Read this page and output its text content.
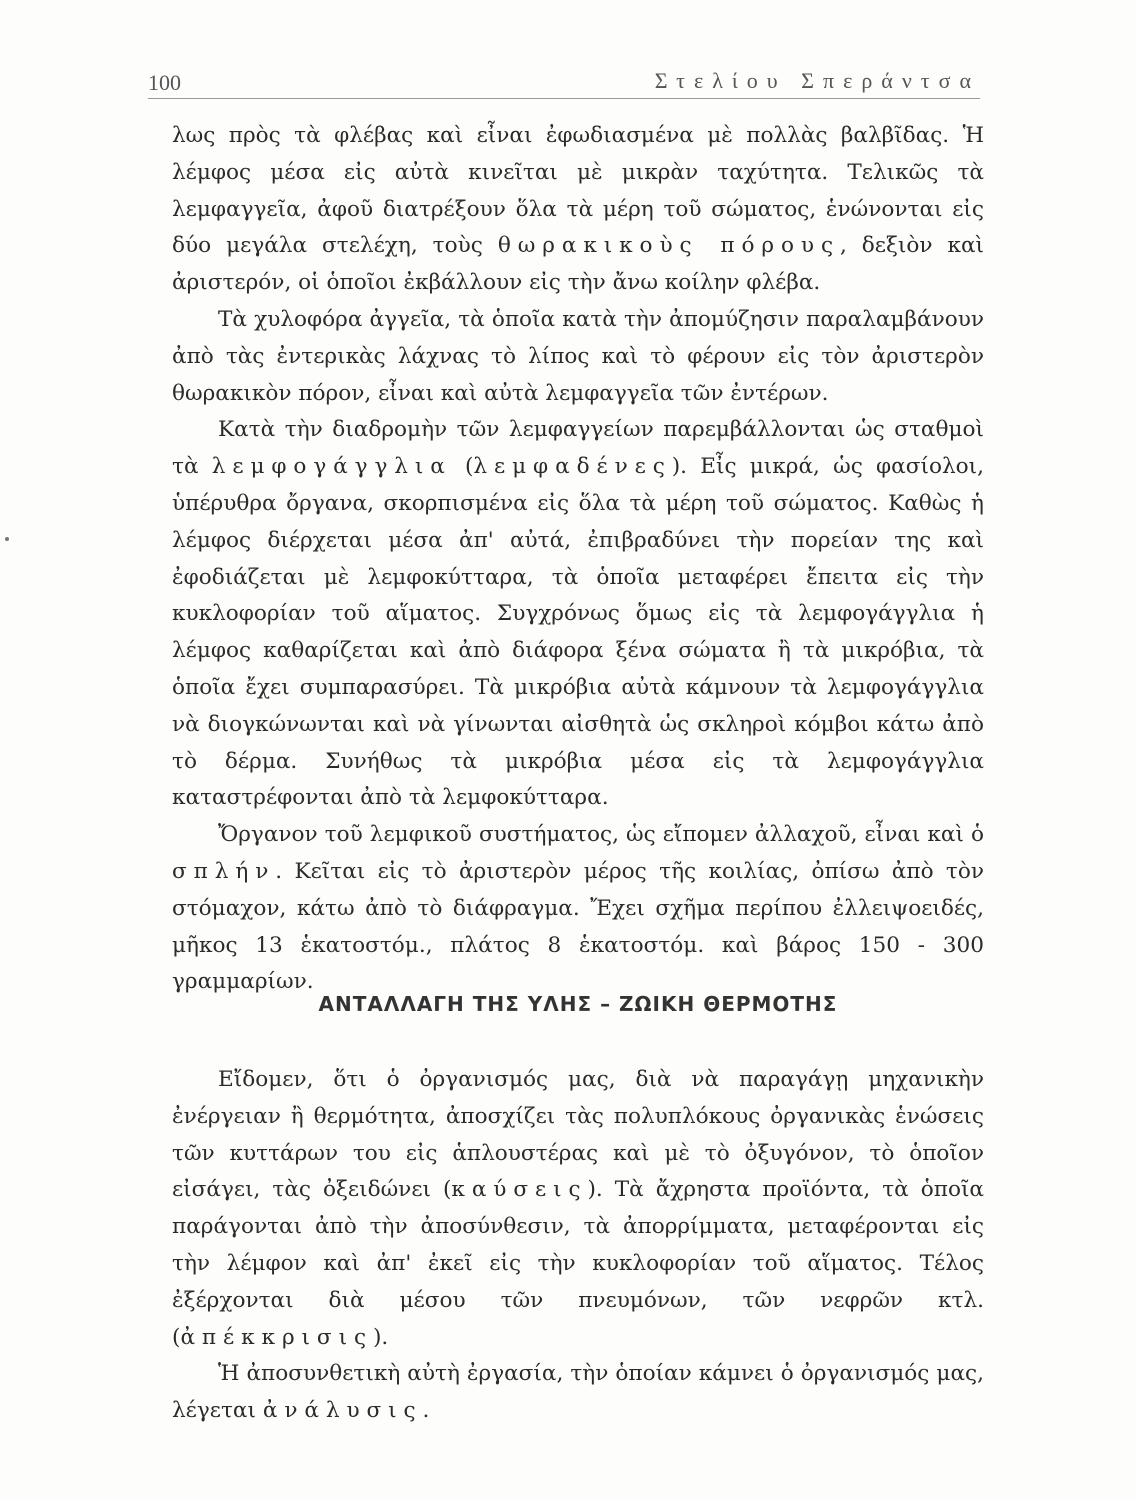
100	Στελίου Σπεράντσα

λως πρὸς τὰ φλέβας καὶ εἶναι ἐφωδιασμένα μὲ πολλὰς βαλβῖδας. Ἡ λέμφος μέσα εἰς αὐτὰ κινεῖται μὲ μικρὰν ταχύτητα. Τελικῶς τὰ λεμφαγγεῖα, ἀφοῦ διατρέξουν ὅλα τὰ μέρη τοῦ σώματος, ἑνώνονται εἰς δύο μεγάλα στελέχη, τοὺς θωρακικοὺς πόρους, δεξιὸν καὶ ἀριστερόν, οἱ ὁποῖοι ἐκβάλλουν εἰς τὴν ἄνω κοίλην φλέβα.

Τὰ χυλοφόρα ἀγγεῖα, τὰ ὁποῖα κατὰ τὴν ἀπομύζησιν παραλαμβάνουν ἀπὸ τὰς ἐντερικὰς λάχνας τὸ λίπος καὶ τὸ φέρουν εἰς τὸν ἀριστερὸν θωρακικὸν πόρον, εἶναι καὶ αὐτὰ λεμφαγγεῖα τῶν ἐντέρων.

Κατὰ τὴν διαδρομὴν τῶν λεμφαγγείων παρεμβάλλονται ὡς σταθμοὶ τὰ λεμφογάγγλια (λεμφαδένες). Εἶς μικρά, ὡς φασίολοι, ὑπέρυθρα ὄργανα, σκορπισμένα εἰς ὅλα τὰ μέρη τοῦ σώματος. Καθὼς ἡ λέμφος διέρχεται μέσα ἀπ' αὐτά, ἐπιβραδύνει τὴν πορείαν της καὶ ἐφοδιάζεται μὲ λεμφοκύτταρα, τὰ ὁποῖα μεταφέρει ἔπειτα εἰς τὴν κυκλοφορίαν τοῦ αἵματος. Συγχρόνως ὅμως εἰς τὰ λεμφογάγγλια ἡ λέμφος καθαρίζεται καὶ ἀπὸ διάφορα ξένα σώματα ἢ τὰ μικρόβια, τὰ ὁποῖα ἔχει συμπαρασύρει. Τὰ μικρόβια αὐτὰ κάμνουν τὰ λεμφογάγγλια νὰ διογκώνωνται καὶ νὰ γίνωνται αἰσθητὰ ὡς σκληροὶ κόμβοι κάτω ἀπὸ τὸ δέρμα. Συνήθως τὰ μικρόβια μέσα εἰς τὰ λεμφογάγγλια καταστρέφονται ἀπὸ τὰ λεμφοκύτταρα.

Ὄργανον τοῦ λεμφικοῦ συστήματος, ὡς εἴπομεν ἀλλαχοῦ, εἶναι καὶ ὁ σπλήν. Κεῖται εἰς τὸ ἀριστερὸν μέρος τῆς κοιλίας, ὀπίσω ἀπὸ τὸν στόμαχον, κάτω ἀπὸ τὸ διάφραγμα. Ἔχει σχῆμα περίπου ἐλλειψοειδές, μῆκος 13 ἑκατοστόμ., πλάτος 8 ἑκατοστόμ. καὶ βάρος 150 - 300 γραμμαρίων.

ΑΝΤΑΛΛΑΓΗ ΤΗΣ ΥΛΗΣ – ΖΩΙΚΗ ΘΕΡΜΟΤΗΣ

Εἴδομεν, ὅτι ὁ ὀργανισμός μας, διὰ νὰ παραγάγῃ μηχανικὴν ἐνέργειαν ἢ θερμότητα, ἀποσχίζει τὰς πολυπλόκους ὀργανικὰς ἑνώσεις τῶν κυττάρων του εἰς ἁπλουστέρας καὶ μὲ τὸ ὀξυγόνον, τὸ ὁποῖον εἰσάγει, τὰς ὀξειδώνει (καύσεις). Τὰ ἄχρηστα προϊόντα, τὰ ὁποῖα παράγονται ἀπὸ τὴν ἀποσύνθεσιν, τὰ ἀπορρίμματα, μεταφέρονται εἰς τὴν λέμφον καὶ ἀπ' ἐκεῖ εἰς τὴν κυκλοφορίαν τοῦ αἵματος. Τέλος ἐξέρχονται διὰ μέσου τῶν πνευμόνων, τῶν νεφρῶν κτλ. (ἀπέκκρισις).

Ἡ ἀποσυνθετικὴ αὐτὴ ἐργασία, τὴν ὁποίαν κάμνει ὁ ὀργανισμός μας, λέγεται ἀνάλυσις.
